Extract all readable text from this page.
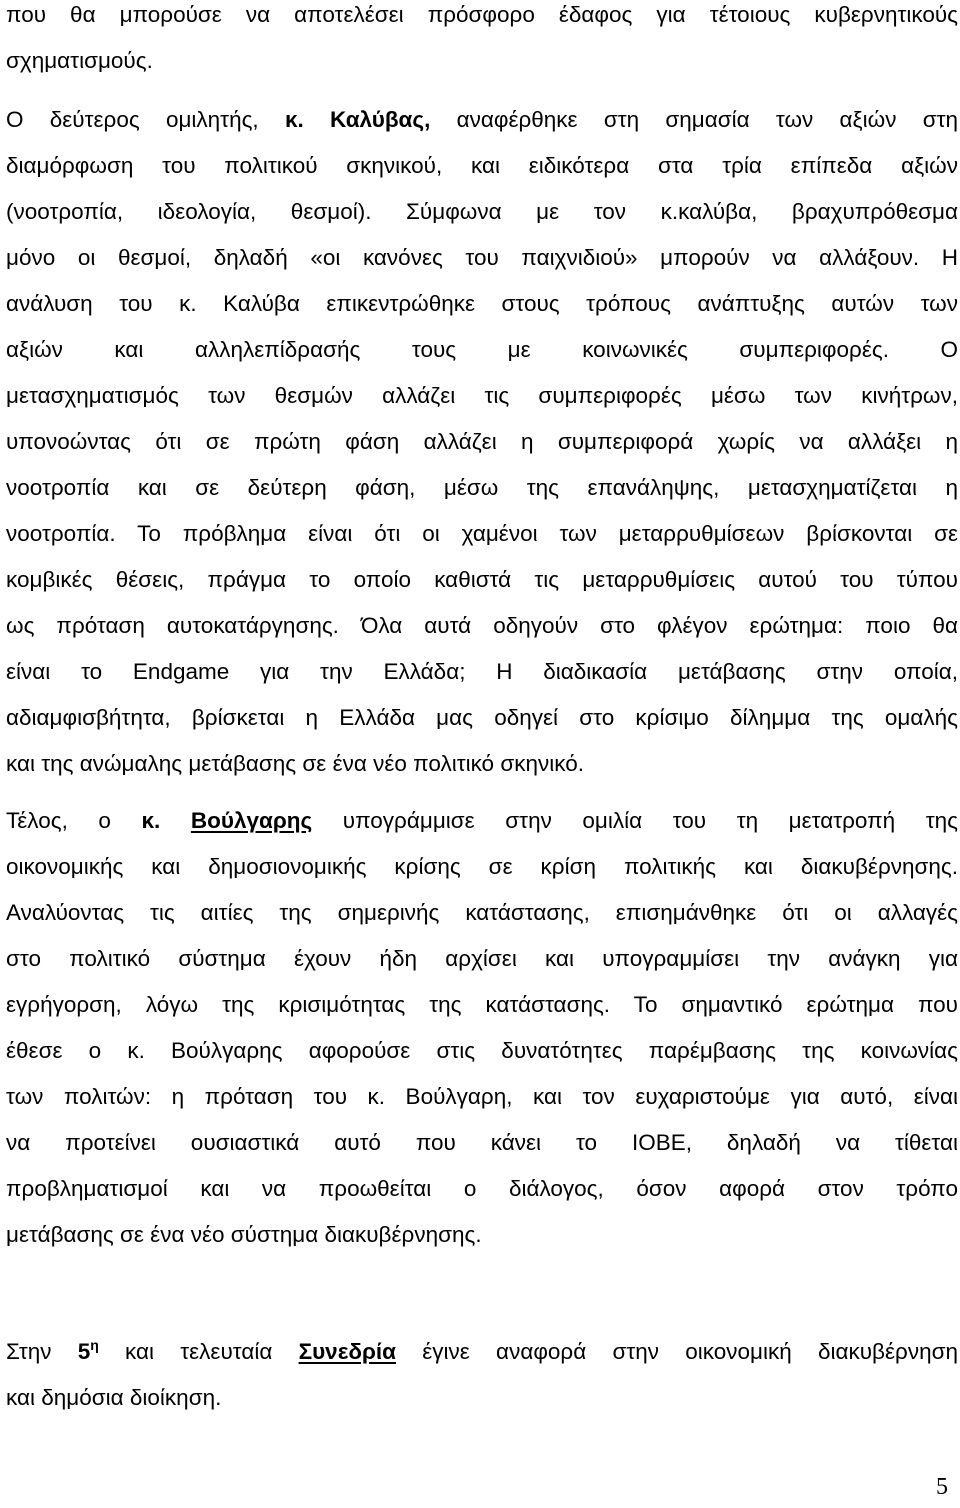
που θα μπορούσε να αποτελέσει πρόσφορο έδαφος για τέτοιους κυβερνητικούς
σχηματισμούς.
Ο δεύτερος ομιλητής, κ. Καλύβας, αναφέρθηκε στη σημασία των αξιών στη
διαμόρφωση του πολιτικού σκηνικού, και ειδικότερα στα τρία επίπεδα αξιών
(νοοτροπία, ιδεολογία, θεσμοί). Σύμφωνα με τον κ.καλύβα, βραχυπρόθεσμα
μόνο οι θεσμοί, δηλαδή «οι κανόνες του παιχνιδιού» μπορούν να αλλάξουν. Η
ανάλυση του κ. Καλύβα επικεντρώθηκε στους τρόπους ανάπτυξης αυτών των
αξιών και αλληλεπίδρασής τους με κοινωνικές συμπεριφορές. Ο
μετασχηματισμός των θεσμών αλλάζει τις συμπεριφορές μέσω των κινήτρων,
υπονοώντας ότι σε πρώτη φάση αλλάζει η συμπεριφορά χωρίς να αλλάξει η
νοοτροπία και σε δεύτερη φάση, μέσω της επανάληψης, μετασχηματίζεται η
νοοτροπία. Το πρόβλημα είναι ότι οι χαμένοι των μεταρρυθμίσεων βρίσκονται σε
κομβικές θέσεις, πράγμα το οποίο καθιστά τις μεταρρυθμίσεις αυτού του τύπου
ως πρόταση αυτοκατάργησης. Όλα αυτά οδηγούν στο φλέγον ερώτημα: ποιο θα
είναι το Endgame για την Ελλάδα; Η διαδικασία μετάβασης στην οποία,
αδιαμφισβήτητα, βρίσκεται η Ελλάδα μας οδηγεί στο κρίσιμο δίλημμα της ομαλής
και της ανώμαλης μετάβασης σε ένα νέο πολιτικό σκηνικό.
Τέλος, ο κ. Βούλγαρης υπογράμμισε στην ομιλία του τη μετατροπή της
οικονομικής και δημοσιονομικής κρίσης σε κρίση πολιτικής και διακυβέρνησης.
Αναλύοντας τις αιτίες της σημερινής κατάστασης, επισημάνθηκε ότι οι αλλαγές
στο πολιτικό σύστημα έχουν ήδη αρχίσει και υπογραμμίσει την ανάγκη για
εγρήγορση, λόγω της κρισιμότητας της κατάστασης. Το σημαντικό ερώτημα που
έθεσε ο κ. Βούλγαρης αφορούσε στις δυνατότητες παρέμβασης της κοινωνίας
των πολιτών: η πρόταση του κ. Βούλγαρη, και τον ευχαριστούμε για αυτό, είναι
να προτείνει ουσιαστικά αυτό που κάνει το ΙΟΒΕ, δηλαδή να τίθεται
προβληματισμοί και να προωθείται ο διάλογος, όσον αφορά στον τρόπο
μετάβασης σε ένα νέο σύστημα διακυβέρνησης.
Στην $5^\eta$ και τελευταία Συνεδρία έγινε αναφορά στην οικονομική διακυβέρνηση
και δημόσια διοίκηση.
5
